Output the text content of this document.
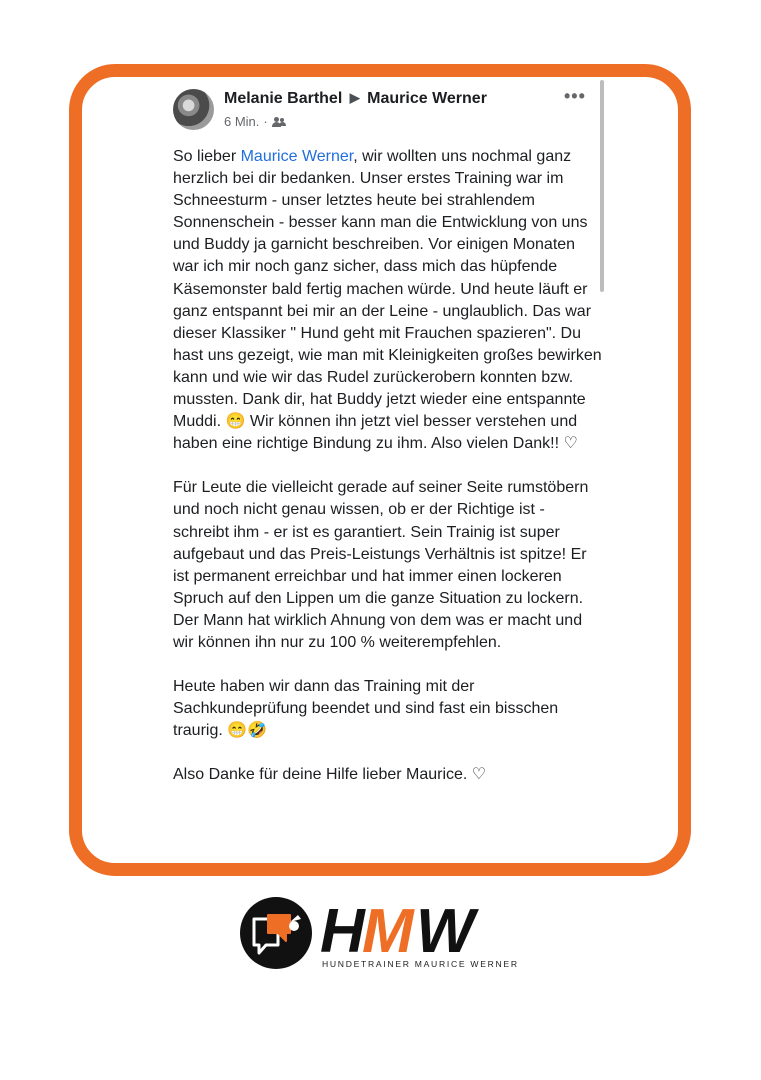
Melanie Barthel ▶ Maurice Werner
6 Min. ·
•••

So lieber Maurice Werner, wir wollten uns nochmal ganz herzlich bei dir bedanken. Unser erstes Training war im Schneesturm - unser letztes heute bei strahlendem Sonnenschein - besser kann man die Entwicklung von uns und Buddy ja garnicht beschreiben. Vor einigen Monaten war ich mir noch ganz sicher, dass mich das hüpfende Käsemonster bald fertig machen würde. Und heute läuft er ganz entspannt bei mir an der Leine - unglaublich. Das war dieser Klassiker " Hund geht mit Frauchen spazieren". Du hast uns gezeigt, wie man mit Kleinigkeiten großes bewirken kann und wie wir das Rudel zurückerobern konnten bzw. mussten. Dank dir, hat Buddy jetzt wieder eine entspannte Muddi. 😁 Wir können ihn jetzt viel besser verstehen und haben eine richtige Bindung zu ihm. Also vielen Dank!! ♡

Für Leute die vielleicht gerade auf seiner Seite rumstöbern und noch nicht genau wissen, ob er der Richtige ist - schreibt ihm - er ist es garantiert. Sein Trainig ist super aufgebaut und das Preis-Leistungs Verhältnis ist spitze! Er ist permanent erreichbar und hat immer einen lockeren Spruch auf den Lippen um die ganze Situation zu lockern. Der Mann hat wirklich Ahnung von dem was er macht und wir können ihn nur zu 100 % weiterempfehlen.

Heute haben wir dann das Training mit der Sachkundeprüfung beendet und sind fast ein bisschen traurig. 😁🤣

Also Danke für deine Hilfe lieber Maurice. ♡

H
M W
HUNDETRAINER MAURICE WERNER
